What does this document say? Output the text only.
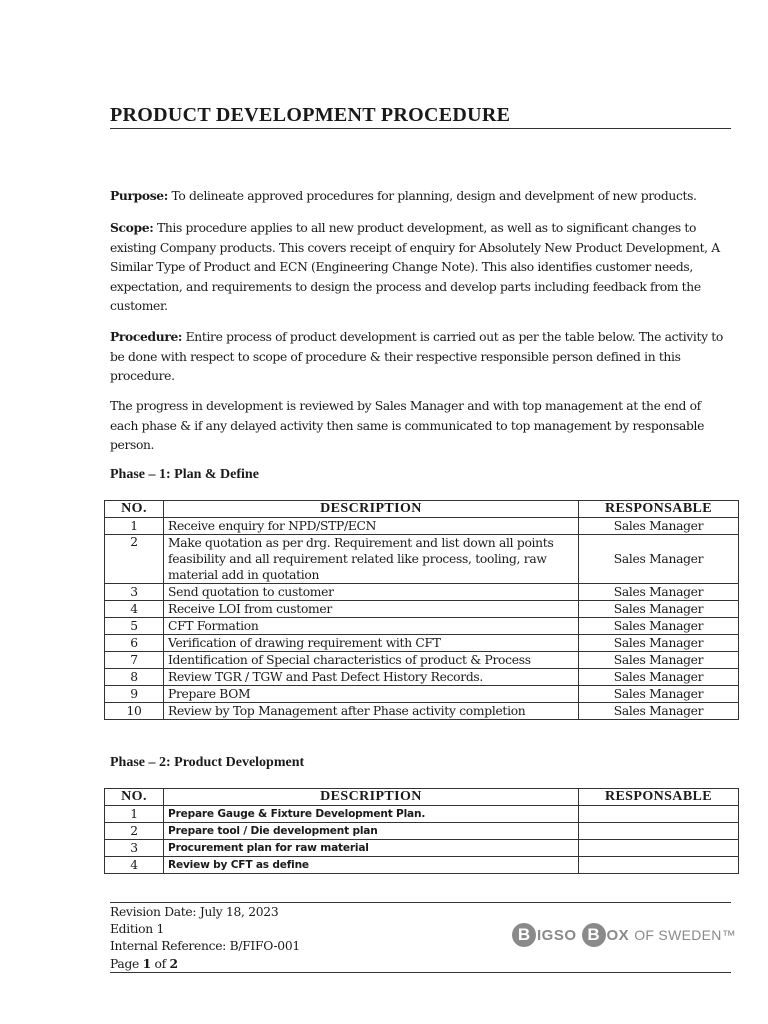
PRODUCT DEVELOPMENT PROCEDURE
Purpose: To delineate approved procedures for planning, design and develpment of new products.
Scope: This procedure applies to all new product development, as well as to significant changes to existing Company products. This covers receipt of enquiry for Absolutely New Product Development, A Similar Type of Product and ECN (Engineering Change Note). This also identifies customer needs, expectation, and requirements to design the process and develop parts including feedback from the customer.
Procedure: Entire process of product development is carried out as per the table below. The activity to be done with respect to scope of procedure & their respective responsible person defined in this procedure.
The progress in development is reviewed by Sales Manager and with top management at the end of each phase & if any delayed activity then same is communicated to top management by responsable person.
Phase – 1: Plan & Define
NO.	DESCRIPTION	RESPONSABLE
1	Receive enquiry for NPD/STP/ECN	Sales Manager
2	Make quotation as per drg. Requirement and list down all points feasibility and all requirement related like process, tooling, raw material add in quotation	Sales Manager
3	Send quotation to customer	Sales Manager
4	Receive LOI from customer	Sales Manager
5	CFT Formation	Sales Manager
6	Verification of drawing requirement with CFT	Sales Manager
7	Identification of Special characteristics of product & Process	Sales Manager
8	Review TGR / TGW and Past Defect History Records.	Sales Manager
9	Prepare BOM	Sales Manager
10	Review by Top Management after Phase activity completion	Sales Manager
Phase – 2: Product Development
NO.	DESCRIPTION	RESPONSABLE
1	Prepare Gauge & Fixture Development Plan.	
2	Prepare tool / Die development plan	
3	Procurement plan for raw material	
4	Review by CFT as define	
Revision Date: July 18, 2023
Edition 1
Internal Reference: B/FIFO-001
Page 1 of 2
B IGSO B OX OF SWEDEN™
